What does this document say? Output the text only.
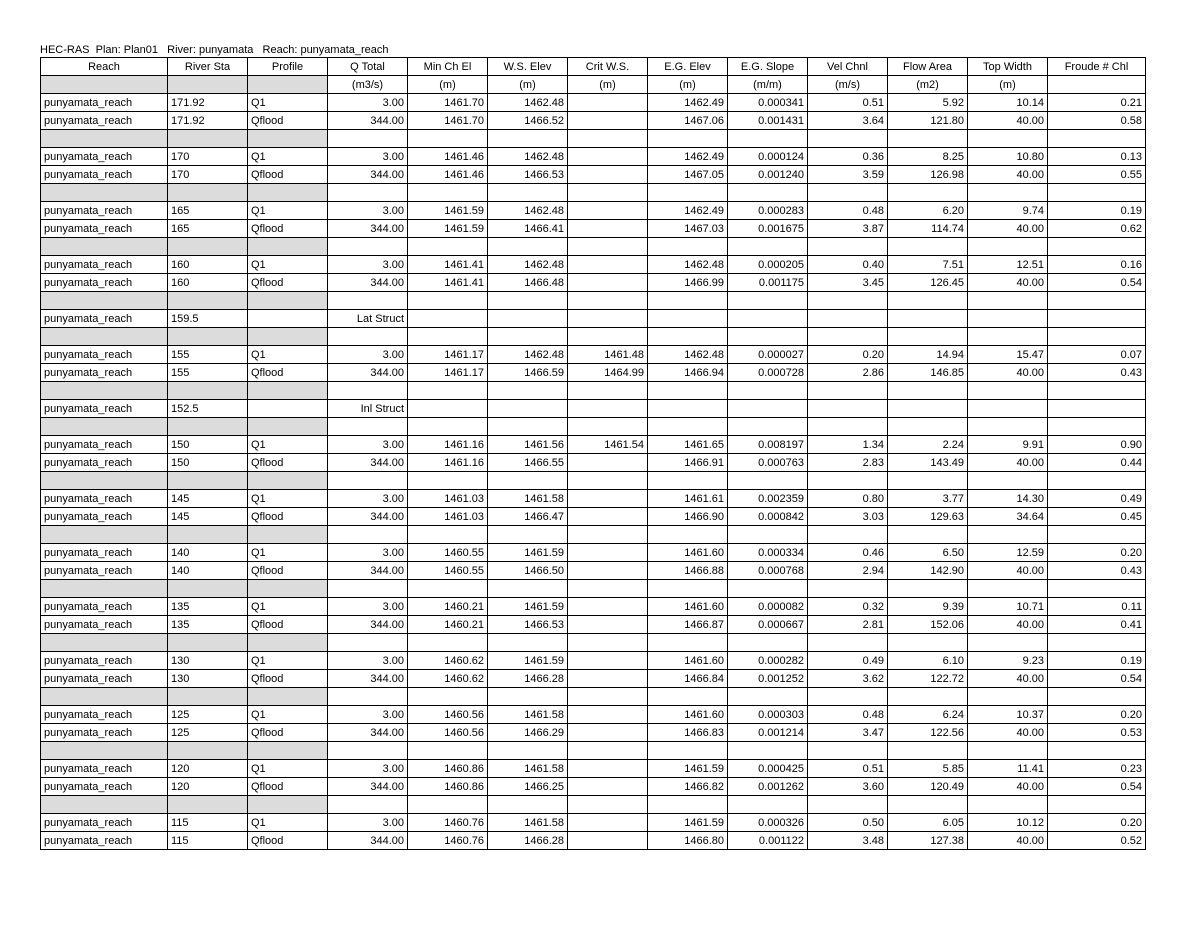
HEC-RAS  Plan: Plan01   River: punyamata   Reach: punyamata_reach
Reach	River Sta	Profile	Q Total	Min Ch El	W.S. Elev	Crit W.S.	E.G. Elev	E.G. Slope	Vel Chnl	Flow Area	Top Width	Froude # Chl
			(m3/s)	(m)	(m)	(m)	(m)	(m/m)	(m/s)	(m2)	(m)	
punyamata_reach	171.92	Q1	3.00	1461.70	1462.48		1462.49	0.000341	0.51	5.92	10.14	0.21
punyamata_reach	171.92	Qflood	344.00	1461.70	1466.52		1467.06	0.001431	3.64	121.80	40.00	0.58

punyamata_reach	170	Q1	3.00	1461.46	1462.48		1462.49	0.000124	0.36	8.25	10.80	0.13
punyamata_reach	170	Qflood	344.00	1461.46	1466.53		1467.05	0.001240	3.59	126.98	40.00	0.55

punyamata_reach	165	Q1	3.00	1461.59	1462.48		1462.49	0.000283	0.48	6.20	9.74	0.19
punyamata_reach	165	Qflood	344.00	1461.59	1466.41		1467.03	0.001675	3.87	114.74	40.00	0.62

punyamata_reach	160	Q1	3.00	1461.41	1462.48		1462.48	0.000205	0.40	7.51	12.51	0.16
punyamata_reach	160	Qflood	344.00	1461.41	1466.48		1466.99	0.001175	3.45	126.45	40.00	0.54

punyamata_reach	159.5		Lat Struct									

punyamata_reach	155	Q1	3.00	1461.17	1462.48	1461.48	1462.48	0.000027	0.20	14.94	15.47	0.07
punyamata_reach	155	Qflood	344.00	1461.17	1466.59	1464.99	1466.94	0.000728	2.86	146.85	40.00	0.43

punyamata_reach	152.5		Inl Struct									

punyamata_reach	150	Q1	3.00	1461.16	1461.56	1461.54	1461.65	0.008197	1.34	2.24	9.91	0.90
punyamata_reach	150	Qflood	344.00	1461.16	1466.55		1466.91	0.000763	2.83	143.49	40.00	0.44

punyamata_reach	145	Q1	3.00	1461.03	1461.58		1461.61	0.002359	0.80	3.77	14.30	0.49
punyamata_reach	145	Qflood	344.00	1461.03	1466.47		1466.90	0.000842	3.03	129.63	34.64	0.45

punyamata_reach	140	Q1	3.00	1460.55	1461.59		1461.60	0.000334	0.46	6.50	12.59	0.20
punyamata_reach	140	Qflood	344.00	1460.55	1466.50		1466.88	0.000768	2.94	142.90	40.00	0.43

punyamata_reach	135	Q1	3.00	1460.21	1461.59		1461.60	0.000082	0.32	9.39	10.71	0.11
punyamata_reach	135	Qflood	344.00	1460.21	1466.53		1466.87	0.000667	2.81	152.06	40.00	0.41

punyamata_reach	130	Q1	3.00	1460.62	1461.59		1461.60	0.000282	0.49	6.10	9.23	0.19
punyamata_reach	130	Qflood	344.00	1460.62	1466.28		1466.84	0.001252	3.62	122.72	40.00	0.54

punyamata_reach	125	Q1	3.00	1460.56	1461.58		1461.60	0.000303	0.48	6.24	10.37	0.20
punyamata_reach	125	Qflood	344.00	1460.56	1466.29		1466.83	0.001214	3.47	122.56	40.00	0.53

punyamata_reach	120	Q1	3.00	1460.86	1461.58		1461.59	0.000425	0.51	5.85	11.41	0.23
punyamata_reach	120	Qflood	344.00	1460.86	1466.25		1466.82	0.001262	3.60	120.49	40.00	0.54

punyamata_reach	115	Q1	3.00	1460.76	1461.58		1461.59	0.000326	0.50	6.05	10.12	0.20
punyamata_reach	115	Qflood	344.00	1460.76	1466.28		1466.80	0.001122	3.48	127.38	40.00	0.52
